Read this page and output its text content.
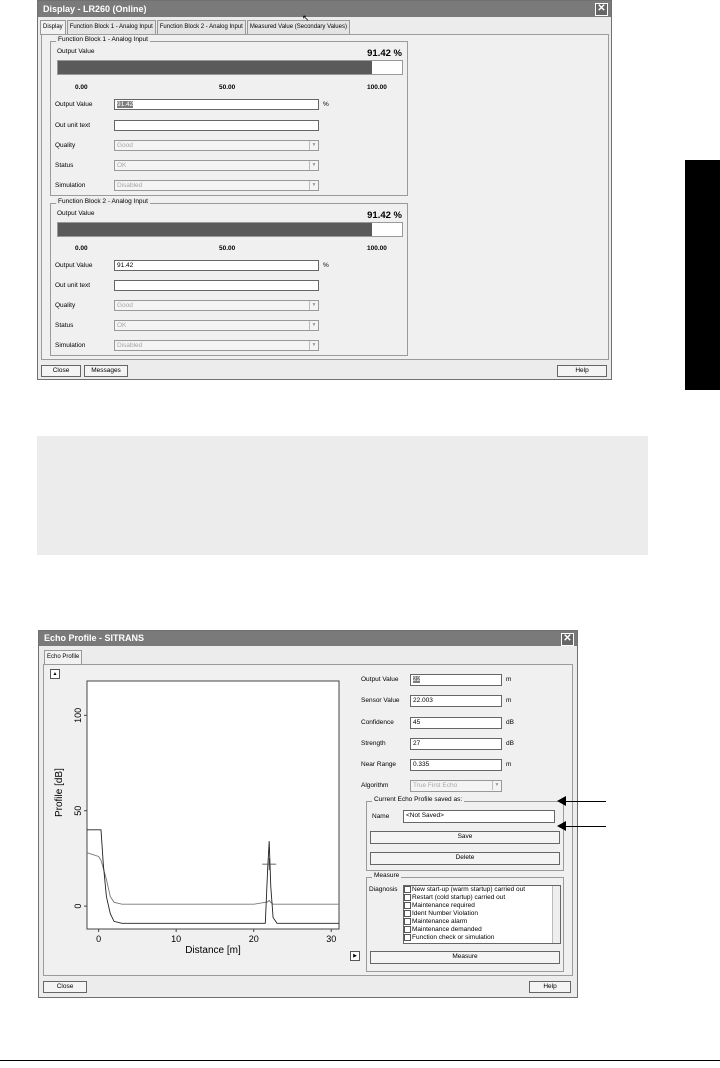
Display - LR260 (Online)	✕
Display	Function Block 1 - Analog Input	Function Block 2 - Analog Input	Measured Value (Secondary Values)
Function Block 1 - Analog Input
Output Value	91.42 %
0.00	50.00	100.00
Output Value	91.42	%
Out unit text
Quality	Good	▼
Status	OK	▼
Simulation	Disabled	▼
Function Block 2 - Analog Input
Output Value	91.42 %
0.00	50.00	100.00
Output Value	91.42	%
Out unit text
Quality	Good	▼
Status	OK	▼
Simulation	Disabled	▼
Close	Messages	Help
↖
Echo Profile - SITRANS	✕
Echo Profile
▲
▶
0	10	20	30
0
50
100
Distance [m]
Profile [dB]
Output Value	22	m
Sensor Value	22.003	m
Confidence	45	dB
Strength	27	dB
Near Range	0.335	m
Algorithm	True First Echo	▼
Current Echo Profile saved as:
Name	<Not Saved>
Save
Delete
Measure
Diagnosis	New start-up (warm startup) carried out
Restart (cold startup) carried out
Maintenance required
Ident Number Violation
Maintenance alarm
Maintenance demanded
Function check or simulation
Measure
Close	Help
